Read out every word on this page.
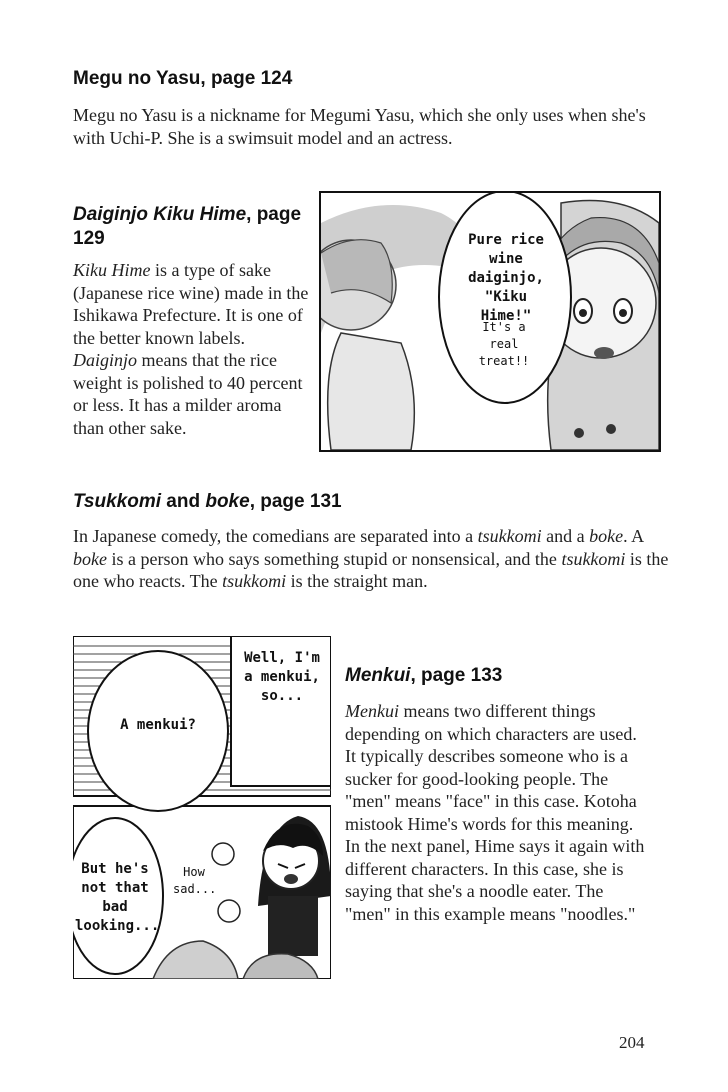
Megu no Yasu, page 124

Megu no Yasu is a nickname for Megumi Yasu, which she only uses when she's with Uchi-P. She is a swimsuit model and an actress.

Daiginjo Kiku Hime, page 129

Kiku Hime is a type of sake (Japanese rice wine) made in the Ishikawa Prefecture. It is one of the better known labels. Daiginjo means that the rice weight is polished to 40 percent or less. It has a milder aroma than other sake.

Pure rice wine daiginjo, "Kiku Hime!"
It's a real treat!!
Tsukkomi and boke, page 131

In Japanese comedy, the comedians are separated into a tsukkomi and a boke. A boke is a person who says something stupid or nonsensical, and the tsukkomi is the one who reacts. The tsukkomi is the straight man.

Well, I'm a menkui, so...
A menkui?
How sad...
But he's not that bad looking...
Menkui, page 133

Menkui means two different things depending on which characters are used. It typically describes someone who is a sucker for good-looking people. The "men" means "face" in this case. Kotoha mistook Hime's words for this meaning. In the next panel, Hime says it again with different characters. In this case, she is saying that she's a noodle eater. The "men" in this example means "noodles."

204
